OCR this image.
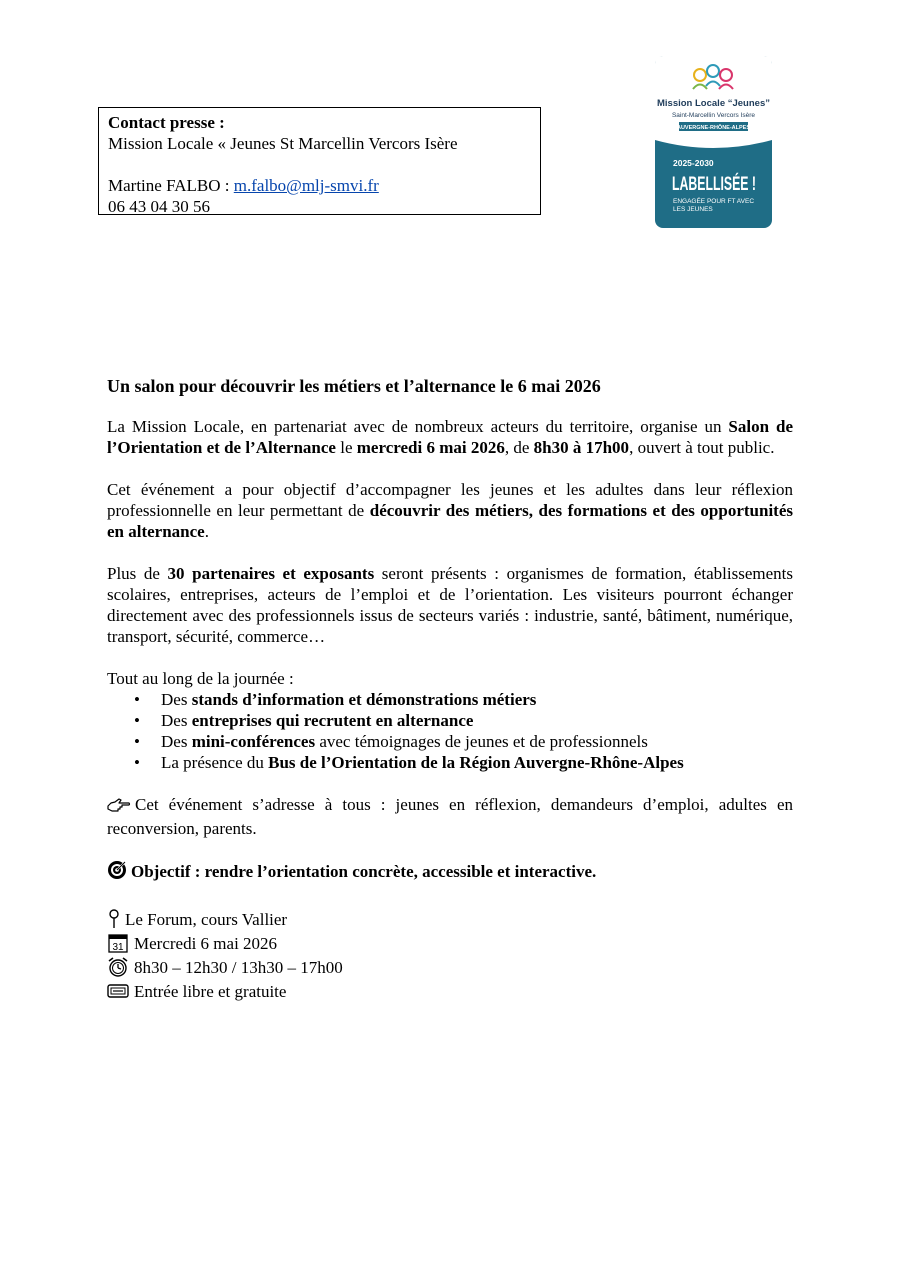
Contact presse :
Mission Locale « Jeunes St Marcellin Vercors Isère
Martine FALBO : m.falbo@mlj-smvi.fr
06 43 04 30 56
Mission Locale “Jeunes”
Saint-Marcellin Vercors Isère
AUVERGNE-RHÔNE-ALPES
2025-2030
LABELLISÉE !
ENGAGÉE POUR FT AVEC
LES JEUNES
Un salon pour découvrir les métiers et l’alternance le 6 mai 2026

La Mission Locale, en partenariat avec de nombreux acteurs du territoire, organise un Salon de l’Orientation et de l’Alternance le mercredi 6 mai 2026, de 8h30 à 17h00, ouvert à tout public.

Cet événement a pour objectif d’accompagner les jeunes et les adultes dans leur réflexion professionnelle en leur permettant de découvrir des métiers, des formations et des opportunités en alternance.

Plus de 30 partenaires et exposants seront présents : organismes de formation, établissements scolaires, entreprises, acteurs de l’emploi et de l’orientation. Les visiteurs pourront échanger directement avec des professionnels issus de secteurs variés : industrie, santé, bâtiment, numérique, transport, sécurité, commerce…

Tout au long de la journée :
• Des stands d’information et démonstrations métiers
• Des entreprises qui recrutent en alternance
• Des mini-conférences avec témoignages de jeunes et de professionnels
• La présence du Bus de l’Orientation de la Région Auvergne-Rhône-Alpes

Cet événement s’adresse à tous : jeunes en réflexion, demandeurs d’emploi, adultes en reconversion, parents.

Objectif : rendre l’orientation concrète, accessible et interactive.

Le Forum, cours Vallier
31 Mercredi 6 mai 2026
8h30 – 12h30 / 13h30 – 17h00
Entrée libre et gratuite
